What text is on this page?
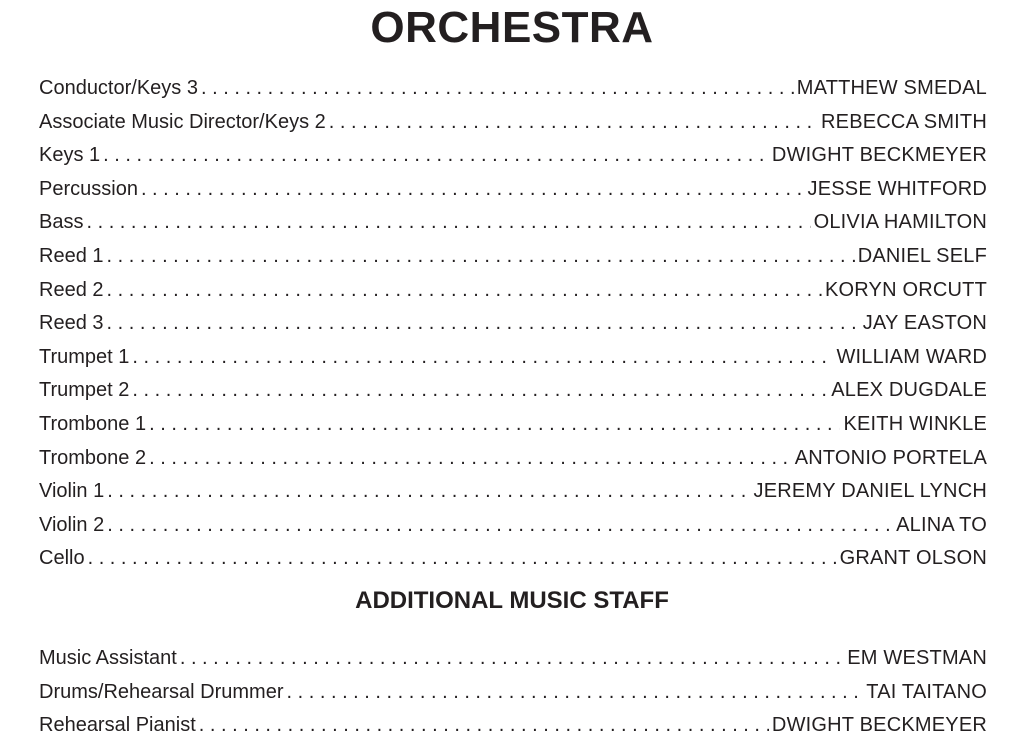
ORCHESTRA
Conductor/Keys 3 . . .	MATTHEW SMEDAL
Associate Music Director/Keys 2 . . .	REBECCA SMITH
Keys 1 . . .	DWIGHT BECKMEYER
Percussion . . .	JESSE WHITFORD
Bass . . .	OLIVIA HAMILTON
Reed 1 . . .	DANIEL SELF
Reed 2 . . .	KORYN ORCUTT
Reed 3 . . .	JAY EASTON
Trumpet 1 . . .	WILLIAM WARD
Trumpet 2 . . .	ALEX DUGDALE
Trombone 1 . . .	KEITH WINKLE
Trombone 2 . . .	ANTONIO PORTELA
Violin 1 . . .	JEREMY DANIEL LYNCH
Violin 2 . . .	ALINA TO
Cello . . .	GRANT OLSON
ADDITIONAL MUSIC STAFF
Music Assistant . . .	EM WESTMAN
Drums/Rehearsal Drummer . . .	TAI TAITANO
Rehearsal Pianist . . .	DWIGHT BECKMEYER
